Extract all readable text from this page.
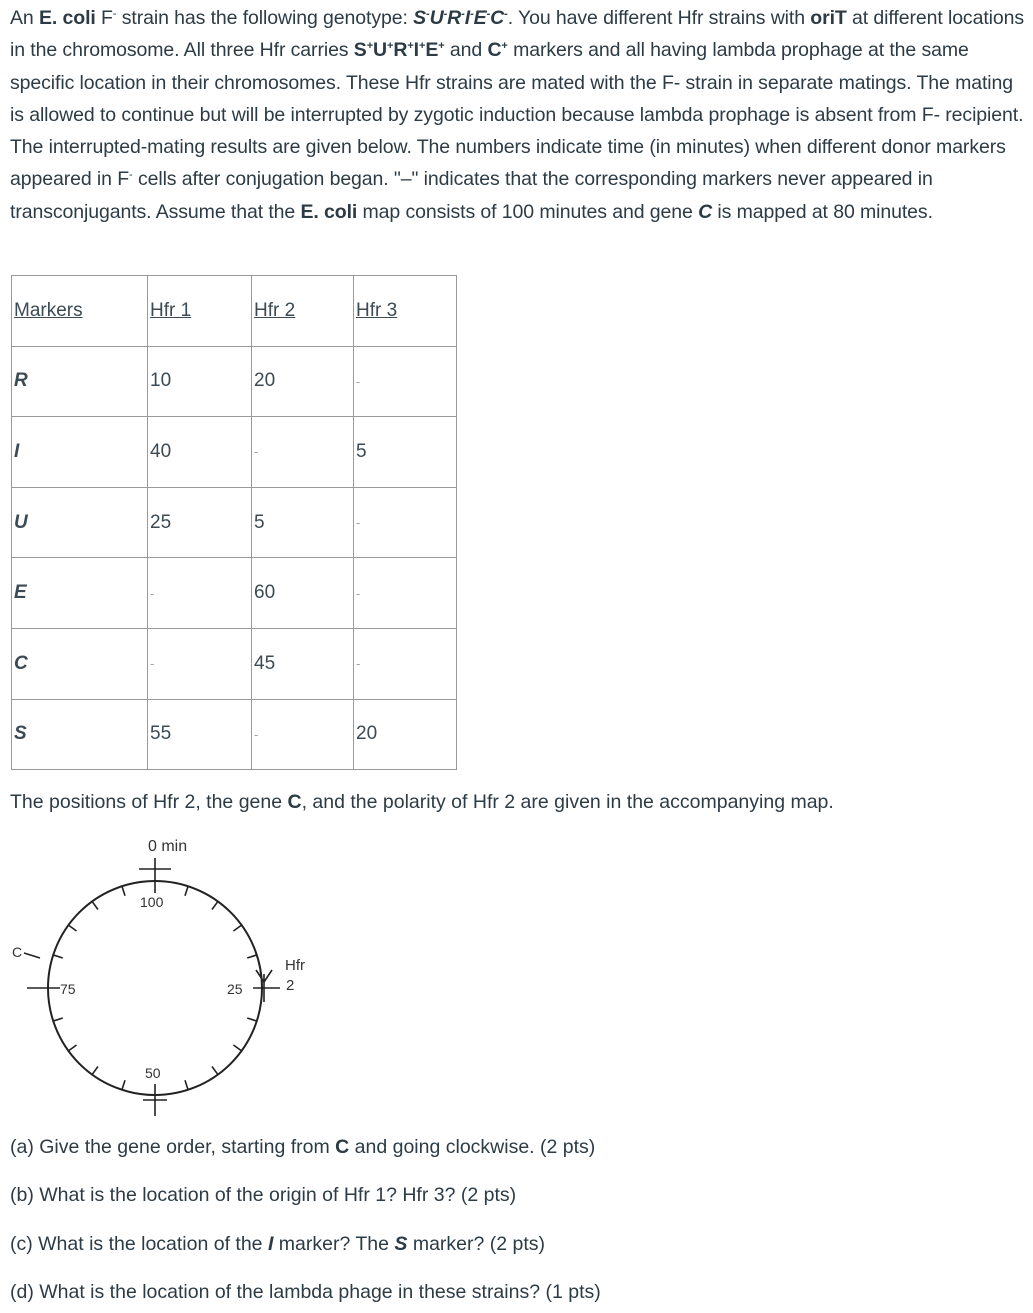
An E. coli F- strain has the following genotype: S-U-R-I-E-C-. You have different Hfr strains with oriT at different locations in the chromosome. All three Hfr carries S+U+R+I+E+ and C+ markers and all having lambda prophage at the same specific location in their chromosomes. These Hfr strains are mated with the F- strain in separate matings. The mating is allowed to continue but will be interrupted by zygotic induction because lambda prophage is absent from F- recipient. The interrupted-mating results are given below. The numbers indicate time (in minutes) when different donor markers appeared in F- cells after conjugation began. "–" indicates that the corresponding markers never appeared in transconjugants. Assume that the E. coli map consists of 100 minutes and gene C is mapped at 80 minutes.
Markers	Hfr 1	Hfr 2	Hfr 3
R	10	20	-
I	40	-	5
U	25	5	-
E	-	60	-
C	-	45	-
S	55	-	20
The positions of Hfr 2, the gene C, and the polarity of Hfr 2 are given in the accompanying map.
0 min
100
75
C
25
Hfr
2
50
(a) Give the gene order, starting from C and going clockwise. (2 pts)
(b) What is the location of the origin of Hfr 1? Hfr 3? (2 pts)
(c) What is the location of the I marker? The S marker? (2 pts)
(d) What is the location of the lambda phage in these strains? (1 pts)
